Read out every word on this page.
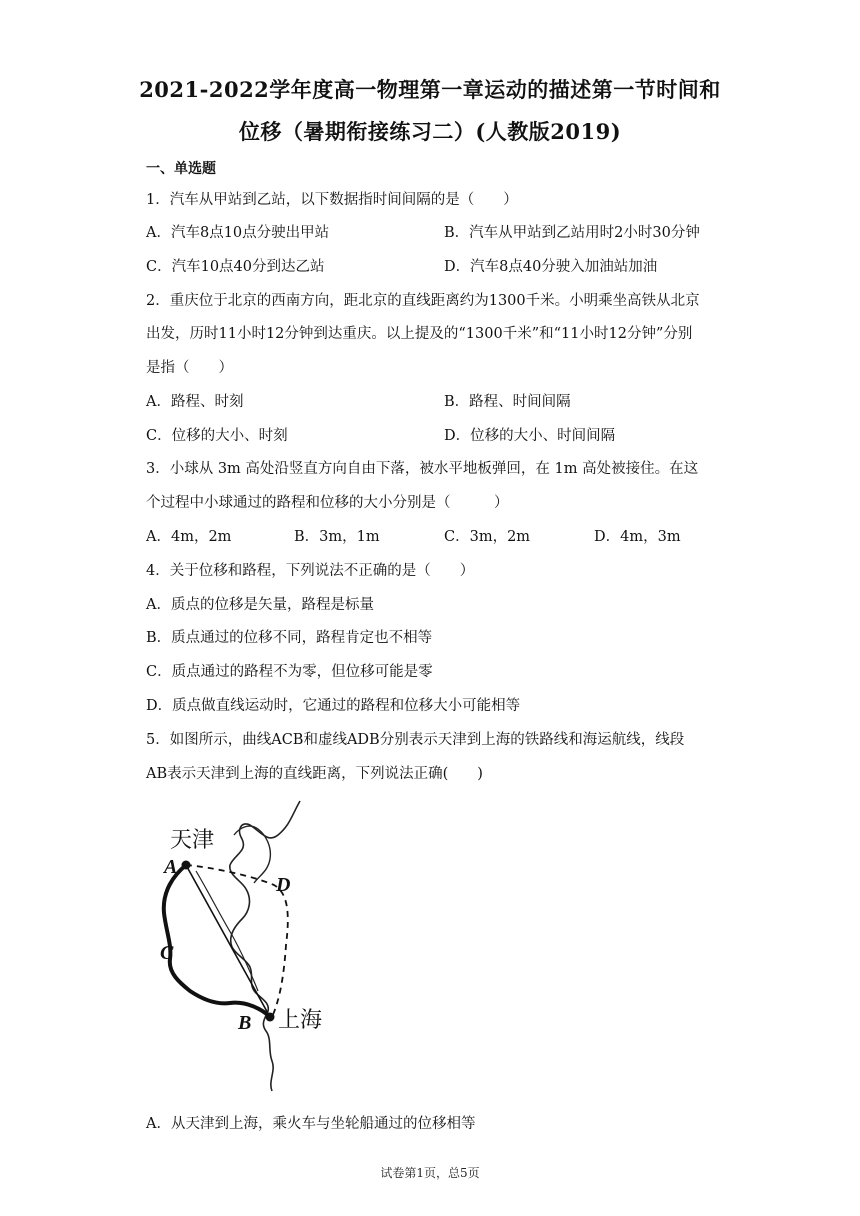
2021-2022学年度高一物理第一章运动的描述第一节时间和
位移（暑期衔接练习二）(人教版2019)
一、单选题
1．汽车从甲站到乙站，以下数据指时间间隔的是（　　）
A．汽车8点10点分驶出甲站	B．汽车从甲站到乙站用时2小时30分钟
C．汽车10点40分到达乙站	D．汽车8点40分驶入加油站加油
2．重庆位于北京的西南方向，距北京的直线距离约为1300千米。小明乘坐高铁从北京
出发，历时11小时12分钟到达重庆。以上提及的“1300千米”和“11小时12分钟”分别
是指（　　）
A．路程、时刻	B．路程、时间间隔
C．位移的大小、时刻	D．位移的大小、时间间隔
3．小球从 3m 高处沿竖直方向自由下落，被水平地板弹回，在 1m 高处被接住。在这
个过程中小球通过的路程和位移的大小分别是（　　　）
A．4m，2m	B．3m，1m	C．3m，2m	D．4m，3m
4．关于位移和路程，下列说法不正确的是（　　）
A．质点的位移是矢量，路程是标量
B．质点通过的位移不同，路程肯定也不相等
C．质点通过的路程不为零，但位移可能是零
D．质点做直线运动时，它通过的路程和位移大小可能相等
5．如图所示，曲线ACB和虚线ADB分别表示天津到上海的铁路线和海运航线，线段
AB表示天津到上海的直线距离，下列说法正确(　　)
天津
A
D
C
B 上海
A．从天津到上海，乘火车与坐轮船通过的位移相等
试卷第1页，总5页
